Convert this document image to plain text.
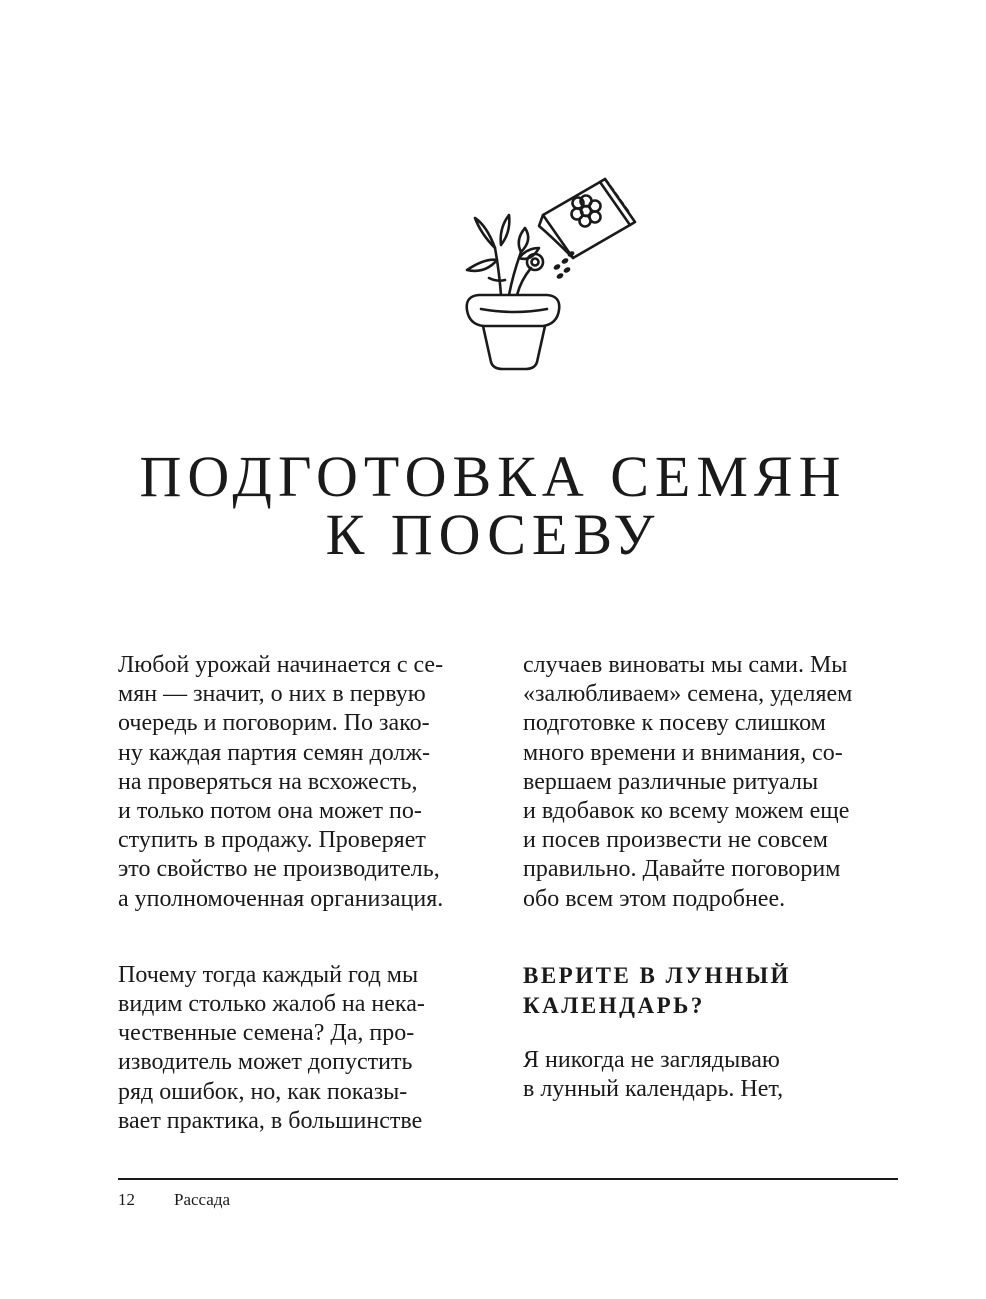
ПОДГОТОВКА СЕМЯН
К ПОСЕВУ

Любой урожай начинается с се-
мян — значит, о них в первую
очередь и поговорим. По зако-
ну каждая партия семян долж-
на проверяться на всхожесть,
и только потом она может по-
ступить в продажу. Проверяет
это свойство не производитель,
а уполномоченная организация.

Почему тогда каждый год мы
видим столько жалоб на нека-
чественные семена? Да, про-
изводитель может допустить
ряд ошибок, но, как показы-
вает практика, в большинстве

случаев виноваты мы сами. Мы
«залюбливаем» семена, уделяем
подготовке к посеву слишком
много времени и внимания, со-
вершаем различные ритуалы
и вдобавок ко всему можем еще
и посев произвести не совсем
правильно. Давайте поговорим
обо всем этом подробнее.

ВЕРИТЕ В ЛУННЫЙ
КАЛЕНДАРЬ?

Я никогда не заглядываю
в лунный календарь. Нет,

12 Рассада
